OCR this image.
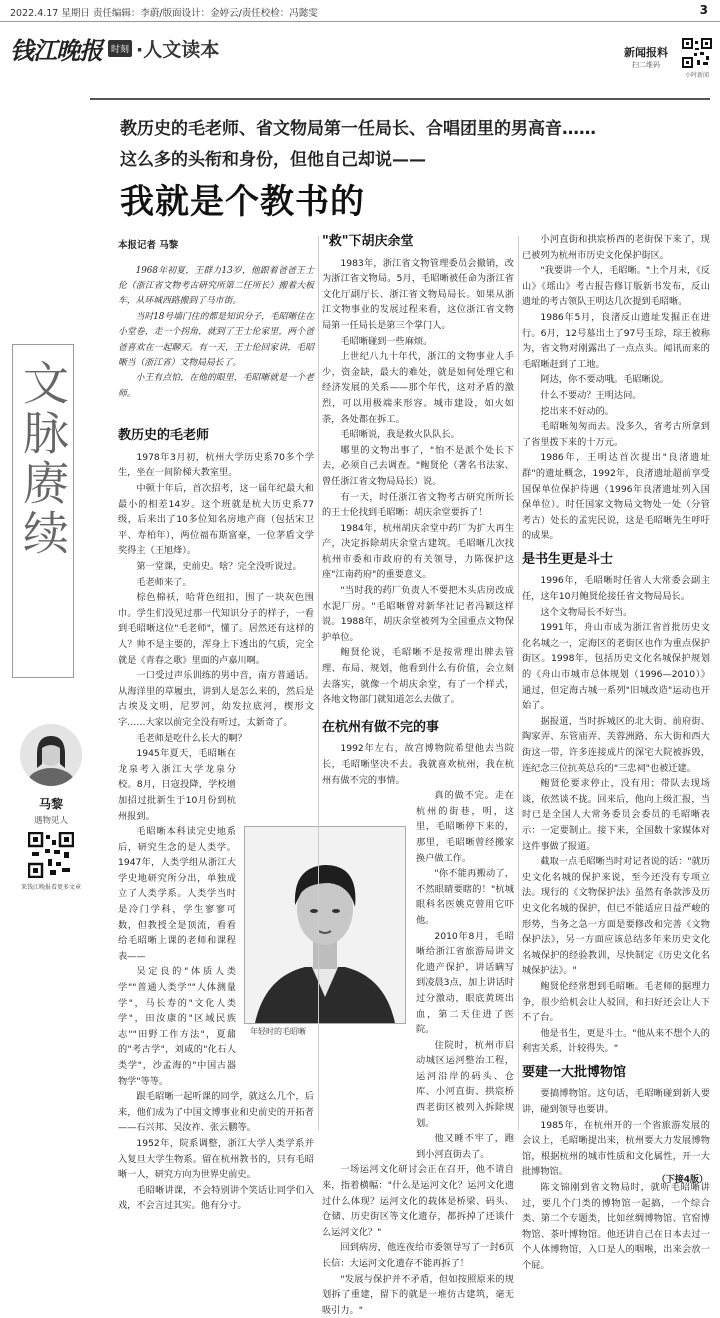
2022.4.17 星期日 责任编辑：李蔚/版面设计：金婷云/责任校检：冯懿雯	3
钱江晚报	时刻 ·人文读本	新闻报料
扫二维码
小时新闻
教历史的毛老师、省文物局第一任局长、合唱团里的男高音……
这么多的头衔和身份，但他自己却说——
我就是个教书的
文脉赓续
马黎
遇物见人
来钱江晚报看更多文章
本报记者 马黎

1968年初夏，王群力13岁，他跟着爸爸王士伦（浙江省文物考古研究所第二任所长）搬着大板车，从环城西路搬到了马市街。

当时18号墙门住的都是知识分子，毛昭晰住在小堂卷，走一个拐角，就到了王士伦家里，两个爸爸喜欢在一起聊天。有一天，王士伦回家讲，毛昭晰当（浙江省）文物局局长了。

小王有点怕，在他的眼里，毛昭晰就是一个老师。

教历史的毛老师

1978年3月初，杭州大学历史系70多个学生，坐在一间阶梯大教室里。

中顿十年后，首次招考，这一届年纪最大和最小的相差14岁。这个班就是杭大历史系77级，后来出了10多位知名房地产商（包括宋卫平、寿柏年），两位福布斯富豪，一位茅盾文学奖得主（王旭烽）。

第一堂课，史前史。啥？完全没听说过。

毛老师来了。

棕色棉袄，哈背色纽扣，围了一块灰色围巾。学生们没见过那一代知识分子的样子，一看到毛昭晰这位"毛老师"，懂了。居然还有这样的人？帅不是主要的，浑身上下透出的气质，完全就是《青春之歌》里面的卢嘉川啊。

一口受过声乐训练的男中音，南方普通话。从海洋里的草履虫，讲到人是怎么来的，然后是古埃及文明，尼罗河，幼发拉底河，楔形文字……大家以前完全没有听过，太新奇了。

毛老师是吃什么长大的啊？

1945年夏天，毛昭晰在龙泉考入浙江大学龙泉分校。8月，日寇投降，学校增加招过批新生于10月份到杭州报到。

毛昭晰本科读完史地系后，研究生念的是人类学。1947年，人类学组从浙江大学史地研究所分出，单独成立了人类学系。人类学当时是冷门学科，学生寥寥可数，但教授全是顶流，看看给毛昭晰上课的老师和课程表——

吴定良的"体质人类学""普通人类学""人体测量学"，马长寿的"文化人类学"，田汝康的"区域民族志""田野工作方法"，夏鼐的"考古学"，刘咸的"化石人类学"，沙孟海的"中国古器物学"等等。

跟毛昭晰一起听课的同学，就这么几个，后来，他们成为了中国文博事业和史前史的开拓者——石兴邦、吴汝祚、张云鹏等。

1952年，院系调整，浙江大学人类学系并入复旦大学生物系。留在杭州教书的，只有毛昭晰一人，研究方向为世界史前史。

毛昭晰讲课，不会特别讲个笑话让同学们入戏，不会言过其实。他有分寸。

"救"下胡庆余堂

1983年，浙江省文物管理委员会撤销，改为浙江省文物局。5月，毛昭晰被任命为浙江省文化厅副厅长、浙江省文物局局长。如果从浙江文物事业的发展过程来看，这位浙江省文物局第一任局长是第三个掌门人。

毛昭晰碰到一些麻烦。

上世纪八九十年代，浙江的文物事业人手少，资金缺，最大的难处，就是如何处理它和经济发展的关系——那个年代，这对矛盾的激烈，可以用极端来形容。城市建设，如火如荼，各处都在拆工。

毛昭晰说，我是救火队队长。

哪里的文物出事了，"怕不是派个处长下去，必须自己去调查。"鲍贤伦（著名书法家、曾任浙江省文物局局长）说。

有一天，时任浙江省文物考古研究所所长的王士伦找到毛昭晰：胡庆余堂要拆了！

1984年，杭州胡庆余堂中药厂为扩大再生产，决定拆除胡庆余堂古建筑。毛昭晰几次找杭州市委和市政府的有关领导，力陈保护这座"江南药府"的重要意义。

"当时我的药厂负责人不要把木头店房改成水泥厂房。"毛昭晰曾对新华社记者冯颖这样说。1988年，胡庆余堂被列为全国重点文物保护单位。

鲍贤伦说，毛昭晰不是按常理出牌去管理、布局、规划，他看到什么有价值，会立刻去落实，就像一个胡庆余堂，有了一个样式，各地文物部门就知道怎么去做了。

在杭州有做不完的事

1992年左右，故宫博物院希望他去当院长，毛昭晰坚决不去。我就喜欢杭州，我在杭州有做不完的事情。

真的做不完。走在杭州的街巷，明，这里，毛昭晰停下来的，那里，毛昭晰曾经搬家换户做工作。

"你不能再搬动了，不然眼睛要瞎的！"杭城眼科名医姚克曾用它吓他。

2010年8月，毛昭晰给浙江省旅游局讲文化遗产保护，讲话瞒写到凌晨3点，加上讲话时过分激动，眼底黄斑出血，第二天住进了医院。

住院时，杭州市启动城区运河整治工程，运河沿岸的码头、仓库、小河直街、拱宸桥西老街区被列入拆除规划。

他又睡不牢了，跑到小河直街去了。

一场运河文化研讨会正在召开，他不请自来，指着横幅："什么是运河文化？运河文化遗过什么体现？运河文化的载体是桥梁、码头、仓储、历史街区等文化遗存，都拆掉了还谈什么运河文化？"

回到病房，他连夜给市委领导写了一封6页长信：大运河文化遗存不能再拆了！

"发展与保护并不矛盾，但如按照原来的规划拆了重建，留下的就是一堆仿古建筑，毫无吸引力。"

年轻时的毛昭晰

小河直街和拱宸桥西的老街保下来了，现已被列为杭州市历史文化保护街区。

"我要讲一个人，毛昭晰。"上个月末，《反山》《瑶山》考古报告修订版新书发布，反山遗址的考古领队王明达几次提到毛昭晰。

1986年5月，良渚反山遗址发掘正在进行。6月，12号墓出土了97号玉琮，琮王被称为，省文物对刚露出了一点点头。闻讯而来的毛昭晰赶到了工地。

阿达，你不要动哦。毛昭晰说。

什么不要动？王明达问。

挖出来不好动的。

毛昭晰匆匆而去。没多久，省考古所拿到了省里拨下来的十万元。

1986年，王明达首次提出"良渚遗址群"的遗址概念，1992年，良渚遗址超前享受国保单位保护待遇（1996年良渚遗址列入国保单位）。时任国家文物局文物处一处（分管考古）处长的孟宪民说，这是毛昭晰先生呼吁的成果。

是书生更是斗士

1996年，毛昭晰时任省人大常委会副主任，这年10月鲍贤伦接任省文物局局长。

这个文物局长不好当。

1991年，舟山市成为浙江省首批历史文化名城之一，定海区的老街区也作为重点保护街区。1998年，包括历史文化名城保护规划的《舟山市城市总体规划（1996—2010）》通过，但定海古城一系列"旧城改造"运动也开始了。

据报道，当时拆城区的北大街、前府街、陶家弄、东管庙弄、芙蓉洲路、东大街和西大街这一带，许多连接成片的深宅大院被拆毁，连纪念三位抗英总兵的"三忠祠"也被迁建。

鲍贤伦要求停止，没有用；带队去现场谈，依然谈不拢。回来后，他向上级汇报，当时已是全国人大常务委员会委员的毛昭晰表示：一定要制止。接下来，全国数十家媒体对这件事做了报道。

截取一点毛昭晰当时对记者说的话："就历史文化名城的保护来说，至今还没有专项立法。现行的《文物保护法》虽然有条款涉及历史文化名城的保护，但已不能适应日益严峻的形势，当务之急一方面是要修改和完善《文物保护法》，另一方面应该总结多年来历史文化名城保护的经验教训，尽快制定《历史文化名城保护法》。"

鲍贤伦经常想到毛昭晰。毛老师的据理力争，很少给机会让人驳回，和扫好还会让人下不了台。

他是书生，更是斗士。"他从来不想个人的利害关系，计较得失。"

要建一大批博物馆

要搞博物馆。这句话，毛昭晰碰到新人要讲，碰到领导也要讲。

1985年，在杭州开的一个省旅游发展的会议上，毛昭晰提出来，杭州要大力发展博物馆，根据杭州的城市性质和文化属性，开一大批博物馆。

陈文锦刚到省文物局时，就听毛昭晰讲过，要几个门类的博物馆一起搞，一个综合类、第二个专题类，比如丝绸博物馆、官窑博物馆、茶叶博物馆。他还讲自己在日本去过一个人体博物馆，入口是人的咽喉，出来会放一个屁。

（下接4版）
